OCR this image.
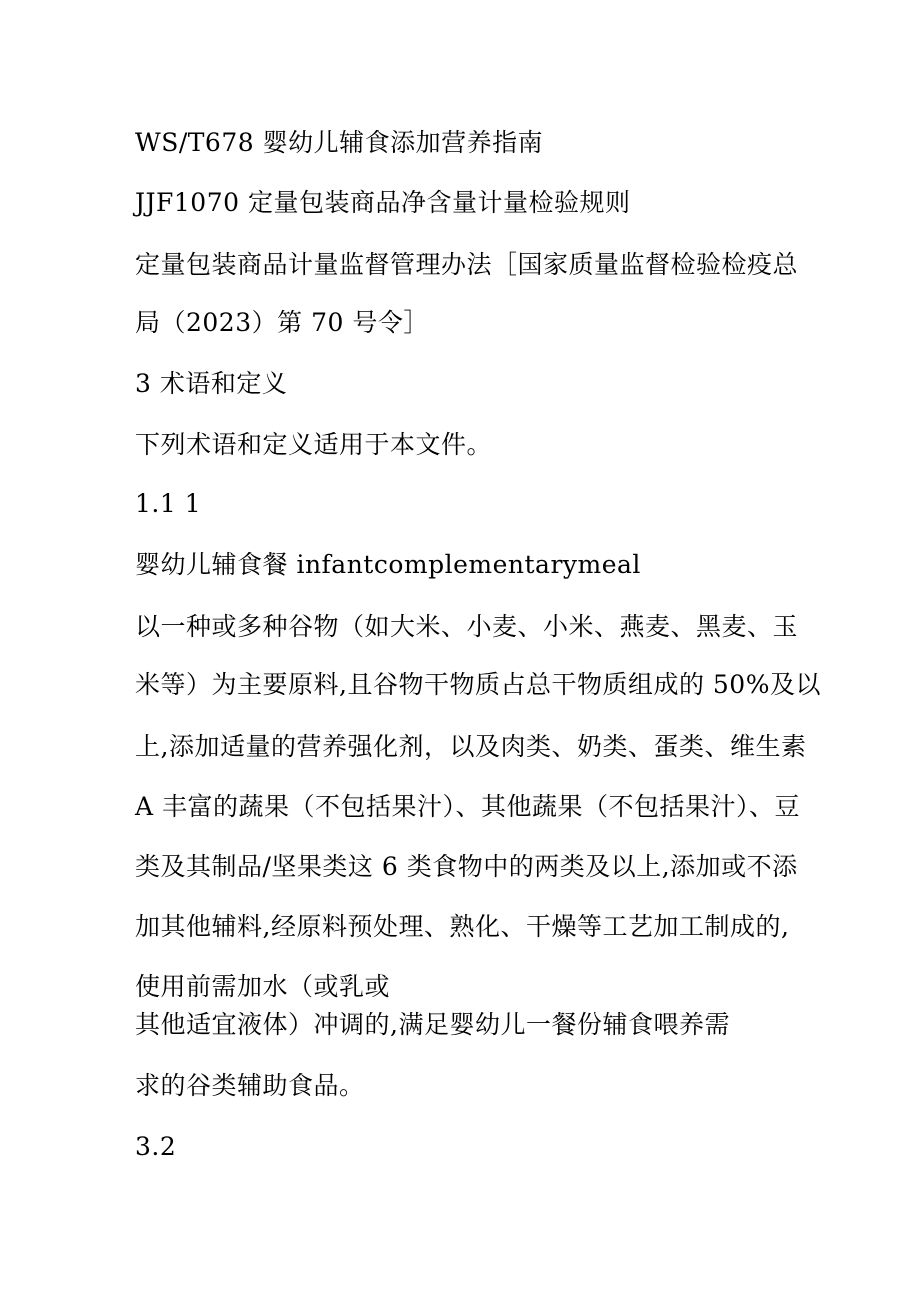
WS/T678 婴幼儿辅食添加营养指南
JJF1070 定量包装商品净含量计量检验规则
定量包装商品计量监督管理办法［国家质量监督检验检疫总
局（2023）第 70 号令］
3 术语和定义
下列术语和定义适用于本文件。
1.1 1
婴幼儿辅食餐 infantcomplementarymeal
以一种或多种谷物（如大米、小麦、小米、燕麦、黑麦、玉
米等）为主要原料,且谷物干物质占总干物质组成的 50%及以
上,添加适量的营养强化剂，以及肉类、奶类、蛋类、维生素
A 丰富的蔬果（不包括果汁）、其他蔬果（不包括果汁）、豆
类及其制品/坚果类这 6 类食物中的两类及以上,添加或不添
加其他辅料,经原料预处理、熟化、干燥等工艺加工制成的,
使用前需加水（或乳或
其他适宜液体）冲调的,满足婴幼儿一餐份辅食喂养需
求的谷类辅助食品。
3.2
